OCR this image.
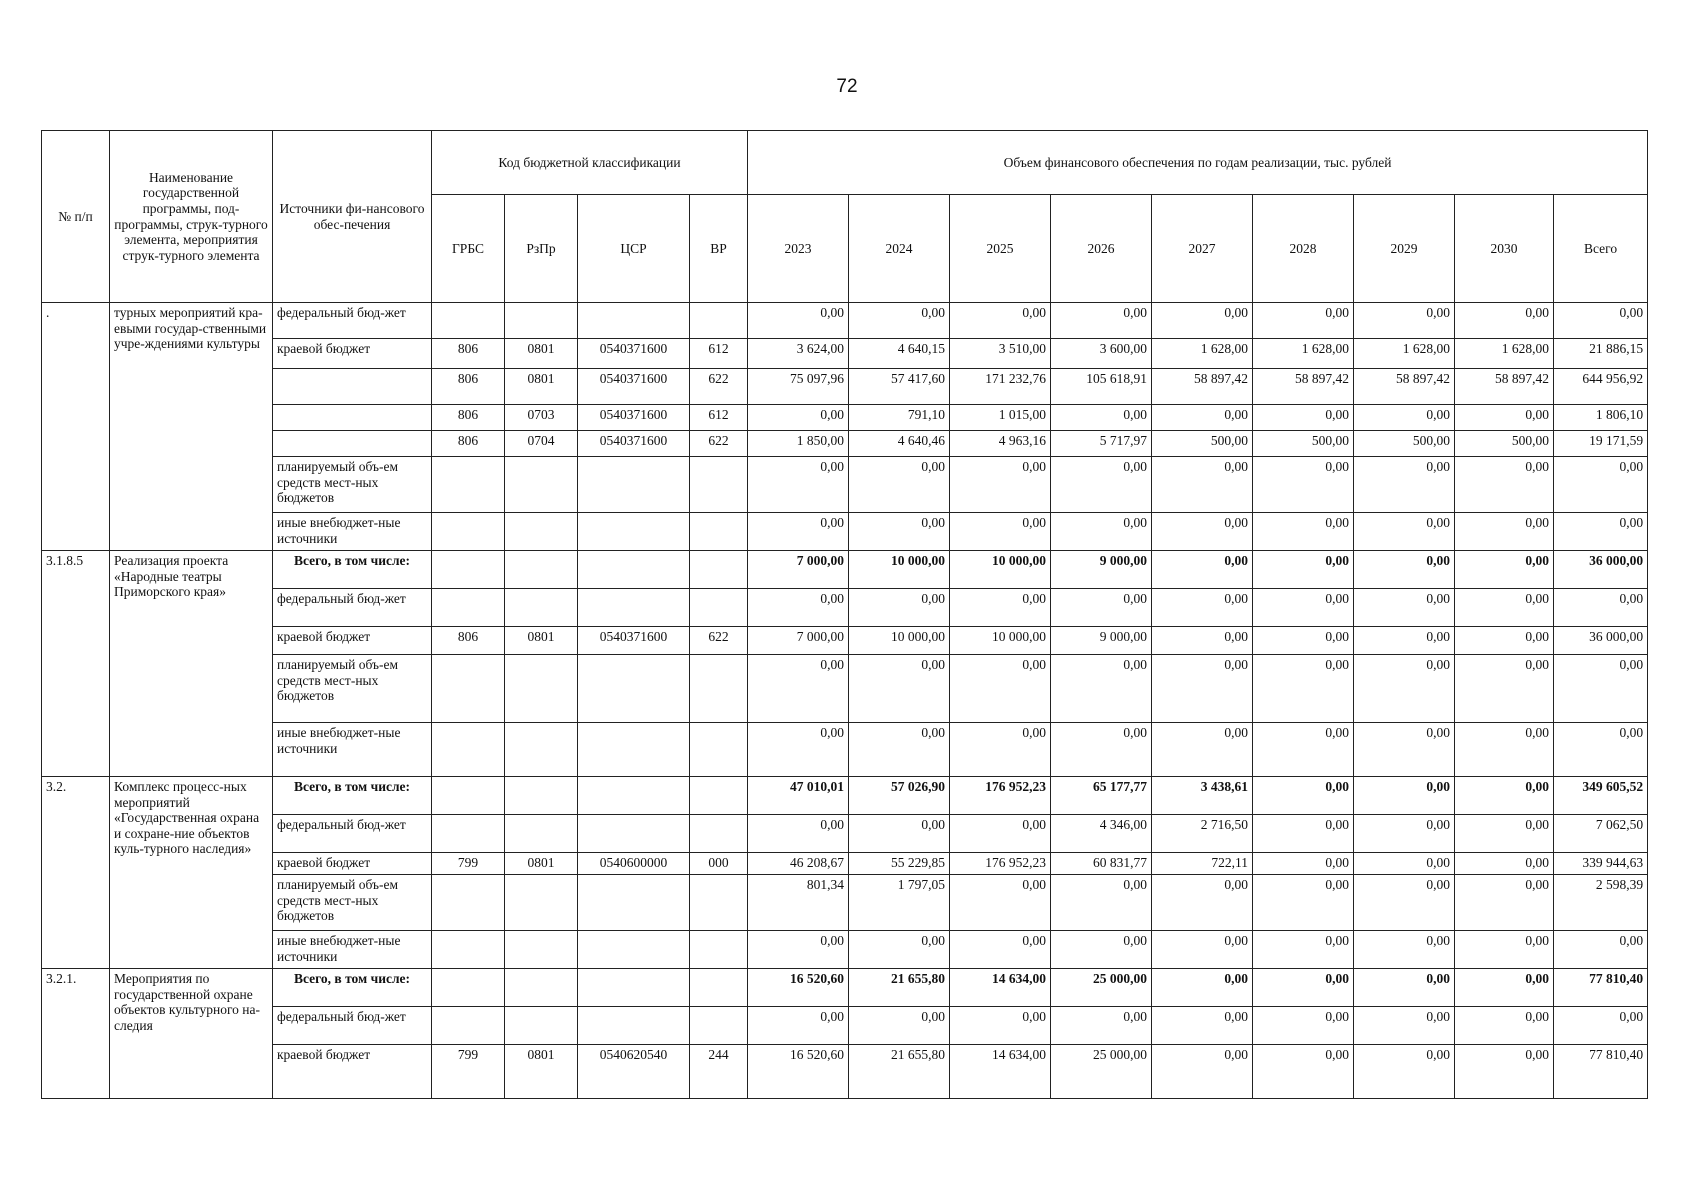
72
№ п/п	Наименование государственной программы, под-программы, струк-турного элемента, мероприятия струк-турного элемента	Источники фи-нансового обес-печения	Код бюджетной классификации				Объем финансового обеспечения по годам реализации, тыс. рублей								
			ГРБС	РзПр	ЦСР	ВР	2023	2024	2025	2026	2027	2028	2029	2030	Всего
.	турных мероприятий кра-евыми государ-ственными учре-ждениями культуры	федеральный бюд-жет					0,00	0,00	0,00	0,00	0,00	0,00	0,00	0,00	0,00
		краевой бюджет	806	0801	0540371600	612	3 624,00	4 640,15	3 510,00	3 600,00	1 628,00	1 628,00	1 628,00	1 628,00	21 886,15
			806	0801	0540371600	622	75 097,96	57 417,60	171 232,76	105 618,91	58 897,42	58 897,42	58 897,42	58 897,42	644 956,92
			806	0703	0540371600	612	0,00	791,10	1 015,00	0,00	0,00	0,00	0,00	0,00	1 806,10
			806	0704	0540371600	622	1 850,00	4 640,46	4 963,16	5 717,97	500,00	500,00	500,00	500,00	19 171,59
		планируемый объ-ем средств мест-ных бюджетов					0,00	0,00	0,00	0,00	0,00	0,00	0,00	0,00	0,00
		иные внебюджет-ные источники					0,00	0,00	0,00	0,00	0,00	0,00	0,00	0,00	0,00
3.1.8.5	Реализация проекта «Народные театры Приморского края»	Всего, в том числе:					7 000,00	10 000,00	10 000,00	9 000,00	0,00	0,00	0,00	0,00	36 000,00
		федеральный бюд-жет					0,00	0,00	0,00	0,00	0,00	0,00	0,00	0,00	0,00
		краевой бюджет	806	0801	0540371600	622	7 000,00	10 000,00	10 000,00	9 000,00	0,00	0,00	0,00	0,00	36 000,00
		планируемый объ-ем средств мест-ных бюджетов					0,00	0,00	0,00	0,00	0,00	0,00	0,00	0,00	0,00
		иные внебюджет-ные источники					0,00	0,00	0,00	0,00	0,00	0,00	0,00	0,00	0,00
3.2.	Комплекс процесс-ных мероприятий «Государственная охрана и сохране-ние объектов куль-турного наследия»	Всего, в том числе:					47 010,01	57 026,90	176 952,23	65 177,77	3 438,61	0,00	0,00	0,00	349 605,52
		федеральный бюд-жет					0,00	0,00	0,00	4 346,00	2 716,50	0,00	0,00	0,00	7 062,50
		краевой бюджет	799	0801	0540600000	000	46 208,67	55 229,85	176 952,23	60 831,77	722,11	0,00	0,00	0,00	339 944,63
		планируемый объ-ем средств мест-ных бюджетов					801,34	1 797,05	0,00	0,00	0,00	0,00	0,00	0,00	2 598,39
		иные внебюджет-ные источники					0,00	0,00	0,00	0,00	0,00	0,00	0,00	0,00	0,00
3.2.1.	Мероприятия по государственной охране объектов культурного на-следия	Всего, в том числе:					16 520,60	21 655,80	14 634,00	25 000,00	0,00	0,00	0,00	0,00	77 810,40
		федеральный бюд-жет					0,00	0,00	0,00	0,00	0,00	0,00	0,00	0,00	0,00
		краевой бюджет	799	0801	0540620540	244	16 520,60	21 655,80	14 634,00	25 000,00	0,00	0,00	0,00	0,00	77 810,40
